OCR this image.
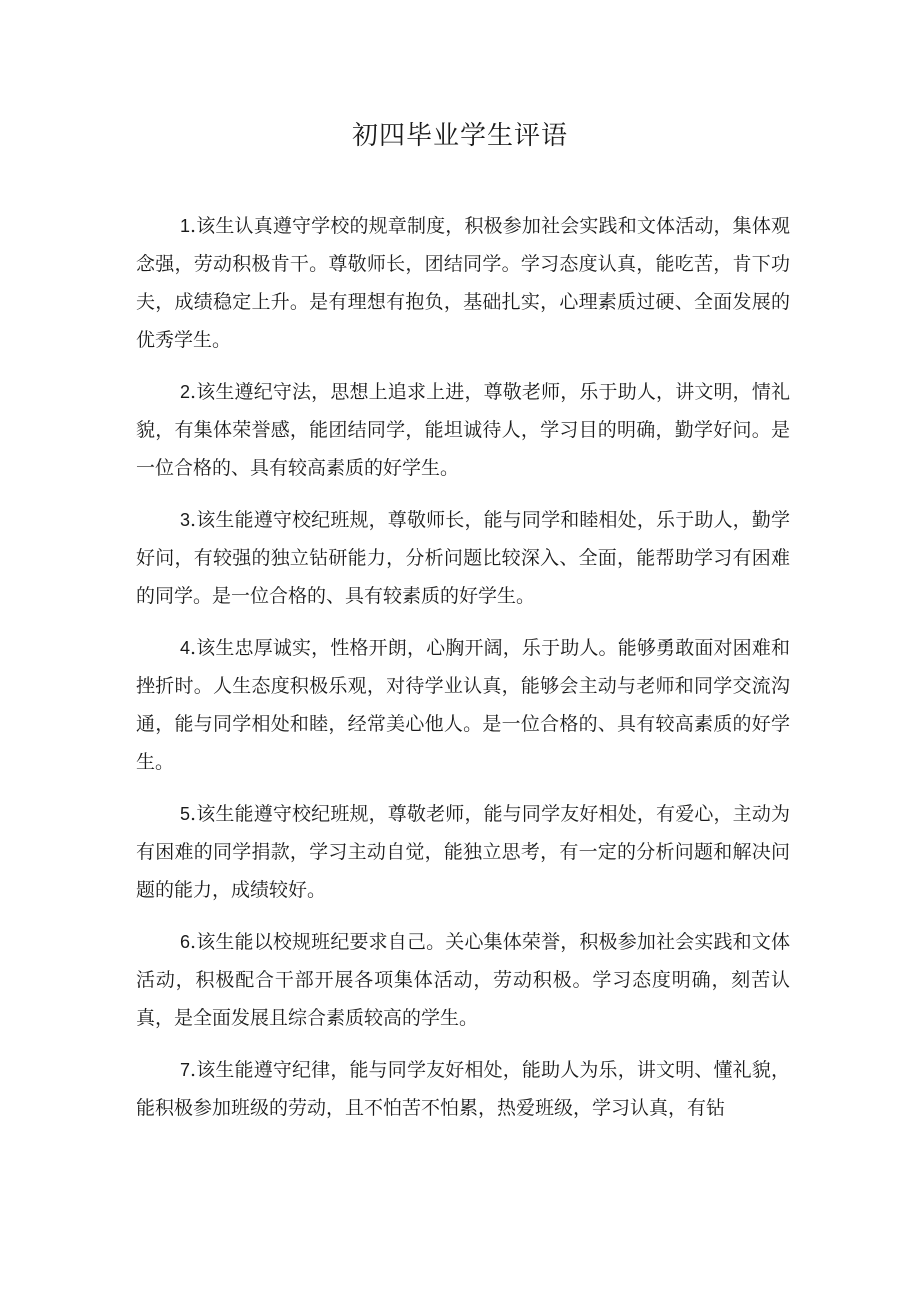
初四毕业学生评语

1.该生认真遵守学校的规章制度，积极参加社会实践和文体活动，集体观念强，劳动积极肯干。尊敬师长，团结同学。学习态度认真，能吃苦，肯下功夫，成绩稳定上升。是有理想有抱负，基础扎实，心理素质过硬、全面发展的优秀学生。

2.该生遵纪守法，思想上追求上进，尊敬老师，乐于助人，讲文明，情礼貌，有集体荣誉感，能团结同学，能坦诚待人，学习目的明确，勤学好问。是一位合格的、具有较高素质的好学生。

3.该生能遵守校纪班规，尊敬师长，能与同学和睦相处，乐于助人，勤学好问，有较强的独立钻研能力，分析问题比较深入、全面，能帮助学习有困难的同学。是一位合格的、具有较素质的好学生。

4.该生忠厚诚实，性格开朗，心胸开阔，乐于助人。能够勇敢面对困难和挫折时。人生态度积极乐观，对待学业认真，能够会主动与老师和同学交流沟通，能与同学相处和睦，经常美心他人。是一位合格的、具有较高素质的好学生。

5.该生能遵守校纪班规，尊敬老师，能与同学友好相处，有爱心，主动为有困难的同学捐款，学习主动自觉，能独立思考，有一定的分析问题和解决问题的能力，成绩较好。

6.该生能以校规班纪要求自己。关心集体荣誉，积极参加社会实践和文体活动，积极配合干部开展各项集体活动，劳动积极。学习态度明确，刻苦认真，是全面发展且综合素质较高的学生。

7.该生能遵守纪律，能与同学友好相处，能助人为乐，讲文明、懂礼貌，能积极参加班级的劳动，且不怕苦不怕累，热爱班级，学习认真，有钻
